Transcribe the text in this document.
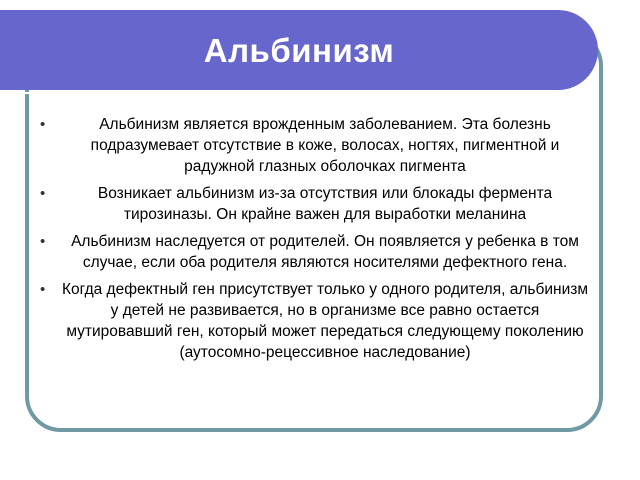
Альбинизм
•	Альбинизм является врожденным заболеванием. Эта болезнь подразумевает отсутствие в коже, волосах, ногтях, пигментной и радужной глазных оболочках пигмента
•	Возникает альбинизм из-за отсутствия или блокады фермента тирозиназы. Он крайне важен для выработки меланина
•	Альбинизм наследуется от родителей. Он появляется у ребенка в том случае, если оба родителя являются носителями дефектного гена.
•	Когда дефектный ген присутствует только у одного родителя, альбинизм у детей не развивается, но в организме все равно остается мутировавший ген, который может передаться следующему поколению (аутосомно-рецессивное наследование)
